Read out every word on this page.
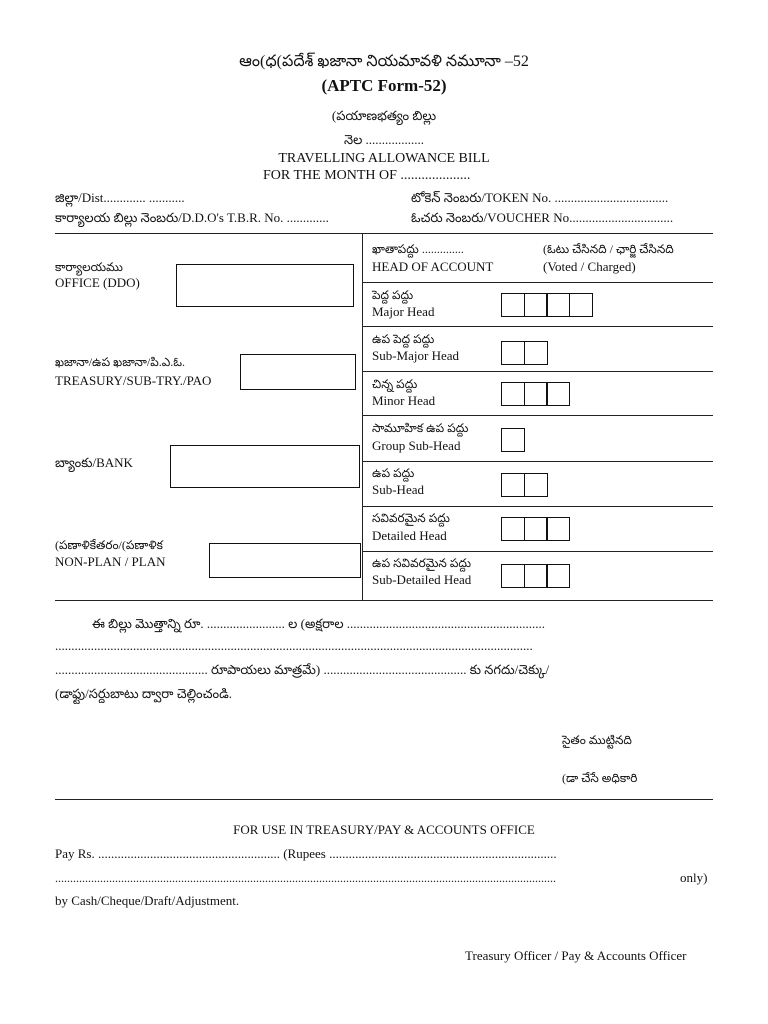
ఆం(ధ(పదేశ్ ఖజానా నియమావళి నమూనా –52
(APTC Form-52)
(పయాణభత్యం బిల్లు
నెల ..................
TRAVELLING ALLOWANCE BILL
FOR THE MONTH OF ....................
జిల్లా/Dist............. ...........	టోకెన్ నెంబరు/TOKEN No. ...................................
కార్యాలయ బిల్లు నెంబరు/D.D.O's T.B.R. No. .............	ఓచరు నెంబరు/VOUCHER No................................
కార్యాలయము
OFFICE (DDO)
ఖజానా/ఉప ఖజానా/పి.ఎ.ఓ.
TREASURY/SUB-TRY./PAO
బ్యాంకు/BANK
(పణాళికేతరం/(పణాళిక
NON-PLAN / PLAN
ఖాతాపద్దు ..............
HEAD OF ACCOUNT
(ఓటు చేసినది / ఛార్జి చేసినది
(Voted / Charged)
పెద్ద పద్దు
Major Head
ఉప పెద్ద పద్దు
Sub-Major Head
చిన్న పద్దు
Minor Head
సామూహిక ఉప పద్దు
Group Sub-Head
ఉప పద్దు
Sub-Head
సవివరమైన పద్దు
Detailed Head
ఉప సవివరమైన పద్దు
Sub-Detailed Head
ఈ బిల్లు మొత్తాన్ని రూ. ........................ ల (అక్షరాల .............................................................
...................................................................................................................................................
............................................... రూపాయలు మాత్రమే) ............................................ కు నగదు/చెక్కు/
(డాఫ్టు/సర్దుబాటు ద్వారా చెల్లించండి.
సైతం ముట్టినది
(డా చేసే అధికారి
FOR USE IN TREASURY/PAY & ACCOUNTS OFFICE
Pay Rs. ........................................................ (Rupees ......................................................................
.......................................................................................................................................................................	only)
by Cash/Cheque/Draft/Adjustment.
Treasury Officer / Pay & Accounts Officer
